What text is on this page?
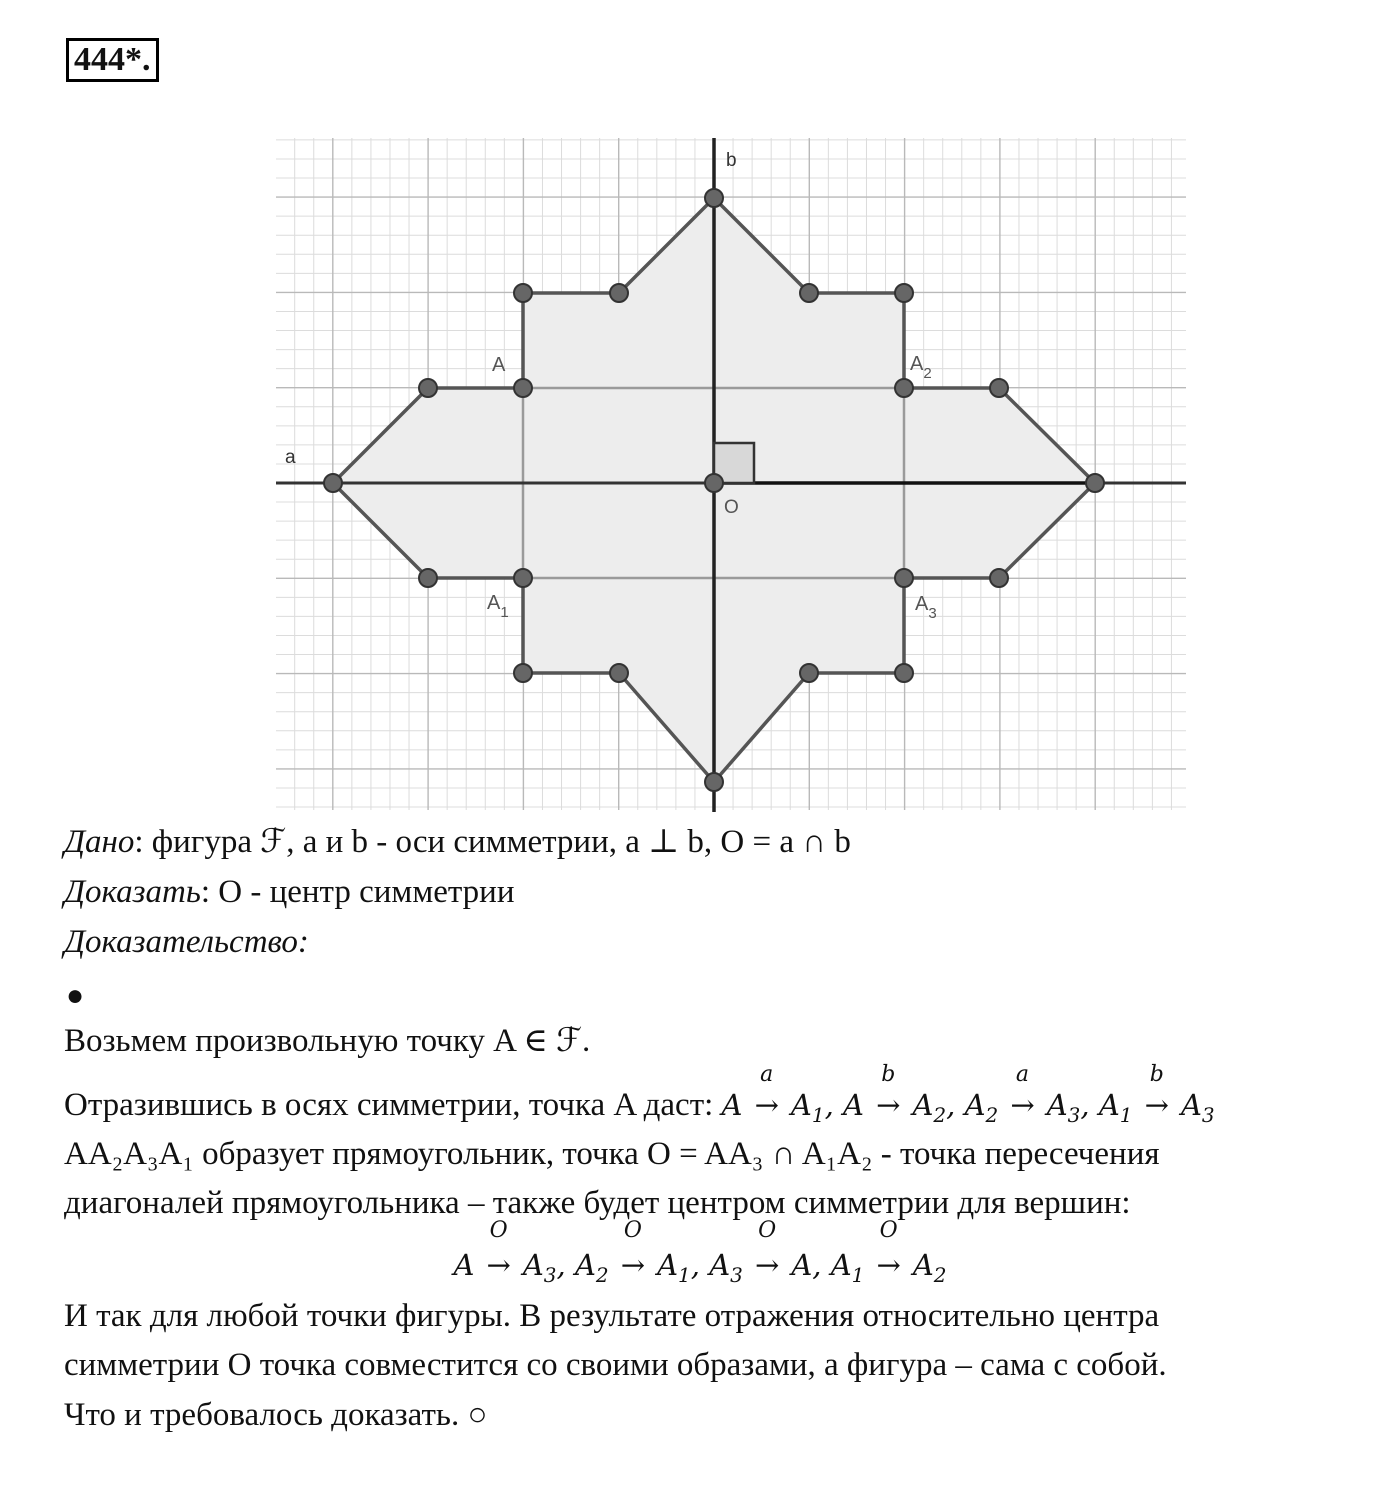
444*.
a
b
O
A	$A_2$
$A_1$	$A_3$
Дано: фигура ℱ, a и b - оси симметрии, a ⊥ b, O = a ∩ b
Доказать: O - центр симметрии
Доказательство:
●
Возьмем произвольную точку A ∈ ℱ.
Отразившись в осях симметрии, точка A даст: A
a
→ $A_1$, A
b
→ $A_2$, $A_2$
a
→ $A_3$, $A_1$
b
→ $A_3$
AA₂A₃A₁ образует прямоугольник, точка O = AA₃ ∩ A₁A₂ - точка пересечения
диагоналей прямоугольника – также будет центром симметрии для вершин:
A
O
→ $A_3$, $A_2$
O
→ $A_1$, $A_3$
O
→ A, $A_1$
O
→ $A_2$
И так для любой точки фигуры. В результате отражения относительно центра
симметрии O точка совместится со своими образами, а фигура – сама с собой.
Что и требовалось доказать. ○
